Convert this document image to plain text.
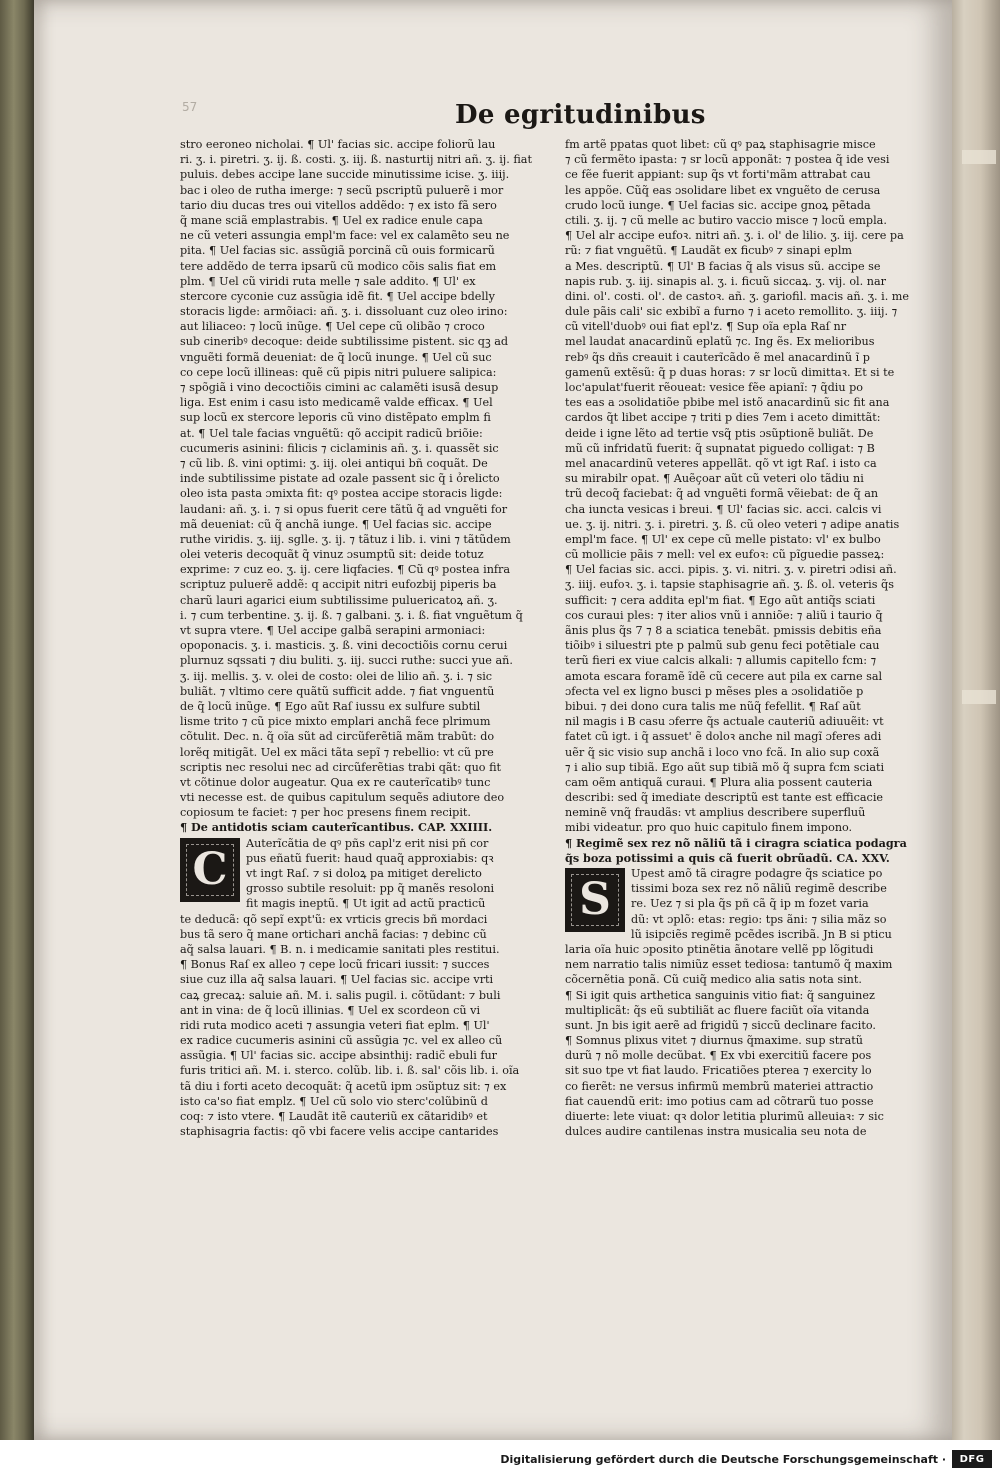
57	De egritudinibus
stro eeroneo nicholai. ¶ Ul' facias sic. accipe foliorũ lau
ri. ʒ. i. piretri. ʒ. ij. ß. costi. ʒ. iij. ß. nasturtij nitri añ. ʒ. ij. fiat
puluis. debes accipe lane succide minutissime icise. ʒ. iiij.
bac i oleo de rutha imerge: ⁊ secũ pscriptũ puluerẽ i mor
tario diu ducas tres oui vitellos addẽdo: ⁊ ex isto fã sero
q̃ mane sciã emplastrabis. ¶ Uel ex radice enule capa
ne cũ veteri assungia empl'm face: vel ex calamẽto seu ne
pita. ¶ Uel facias sic. assũgiã porcinã cũ ouis formicarũ
tere addẽdo de terra ipsarũ cũ modico cõis salis fiat em
plm. ¶ Uel cũ viridi ruta melle ⁊ sale addito. ¶ Ul' ex
stercore cyconie cuz assũgia idẽ fit. ¶ Uel accipe bdelly
storacis ligde: armõiaci: añ. ʒ. i. dissoluant cuz oleo irino:
aut liliaceo: ⁊ locũ inũge. ¶ Uel cepe cũ olibão ⁊ croco
sub cineribꝰ decoque: deide subtilissime pistent. sic qꝫ ad
vnguẽti formã deueniat: de q̃ locũ inunge. ¶ Uel cũ suc
co cepe locũ illineas: quẽ cũ pipis nitri puluere salipica:
⁊ spõgiã i vino decoctiõis cimini ac calamẽti isusã desup
liga. Est enim i casu isto medicamẽ valde efficax. ¶ Uel
sup locũ ex stercore leporis cũ vino distẽpato emplm fi
at. ¶ Uel tale facias vnguẽtũ: qõ accipit radicũ briõie:
cucumeris asinini: filicis ⁊ ciclaminis añ. ʒ. i. quassẽt sic
⁊ cũ lib. ß. vini optimi: ʒ. iij. olei antiqui bñ coquãt. De
inde subtilissime pistate ad ozale passent sic q̃ i ỏrelicto
oleo ista pasta ɔmixta fit: qꝰ postea accipe storacis ligde:
laudani: añ. ʒ. i. ⁊ si opus fuerit cere tãtũ q̃ ad vnguẽti for
mã deueniat: cũ q̃ anchã iunge. ¶ Uel facias sic. accipe
ruthe viridis. ʒ. iij. sglle. ʒ. ij. ⁊ tãtuz i lib. i. vini ⁊ tãtũdem
olei veteris decoquãt q̃ vinuz ɔsumptũ sit: deide totuz
exprime: ⁊ cuz eo. ʒ. ij. cere liqfacies. ¶ Cũ qꝰ postea infra
scriptuz puluerẽ addẽ: q accipit nitri eufozbij piperis ba
charũ lauri agarici eium subtilissime puluericatoꝝ añ. ʒ.
i. ⁊ cum terbentine. ʒ. ij. ß. ⁊ galbani. ʒ. i. ß. fiat vnguẽtum q̃
vt supra vtere. ¶ Uel accipe galbã serapini armoniaci:
opoponacis. ʒ. i. masticis. ʒ. ß. vini decoctiõis cornu cerui
plurnuz sqssati ⁊ diu buliti. ʒ. iij. succi ruthe: succi yue añ.
ʒ. iij. mellis. ʒ. v. olei de costo: olei de lilio añ. ʒ. i. ⁊ sic
buliãt. ⁊ vltimo cere quãtũ sufficit adde. ⁊ fiat vnguentũ
de q̃ locũ inũge. ¶ Ego aũt Raſ iussu ex sulfure subtil
lisme trito ⁊ cũ pice mixto emplari anchã fece plrimum
cõtulit. Dec. n. q̃ oĩa sũt ad circũferẽtiã mãm trabũt: do
lorẽq mitigãt. Uel ex mãci tãta sepĩ ⁊ rebellio: vt cũ pre
scriptis nec resolui nec ad circũferẽtias trabi qãt: quo fit
vt cõtinue dolor augeatur. Qua ex re cauterĩcatibꝰ tunc
vti necesse est. de quibus capitulum sequẽs adiutore deo
copiosum te faciet: ⁊ per hoc presens finem recipit.
¶ De antidotis sciam cauterĩcantibus. CAP. XXIIII.
C
Auterĩcãtia de qꝰ pñs capl'z erit nisi pñ cor
pus eñatũ fuerit: haud quaq̃ approxiabis: qꝛ
vt ingt Raſ. ⁊ si doloꝝ pa mitiget derelicto
grosso subtile resoluit: pp q̃ manẽs resoloni
fit magis ineptũ. ¶ Ut igit ad actũ practicũ
te deducã: qõ sepĩ expt'ũ: ex vrticis grecis bñ mordaci
bus tã sero q̃ mane ortichari anchã facias: ⁊ debinc cũ
aq̃ salsa lauari. ¶ B. n. i medicamie sanitati ples restitui.
¶ Bonus Raſ ex alleo ⁊ cepe locũ fricari iussit: ⁊ succes
siue cuz illa aq̃ salsa lauari. ¶ Uel facias sic. accipe vrti
caꝝ grecaꝝ: saluie añ. M. i. salis pugil. i. cõtũdant: ⁊ buli
ant in vina: de q̃ locũ illinias. ¶ Uel ex scordeon cũ vi
ridi ruta modico aceti ⁊ assungia veteri fiat eplm. ¶ Ul'
ex radice cucumeris asinini cũ assũgia ⁊c. vel ex alleo cũ
assũgia. ¶ Ul' facias sic. accipe absinthij: radic̃ ebuli fur
furis tritici añ. M. i. sterco. colũb. lib. i. ß. sal' cõis lib. i. oĩa
tã diu i forti aceto decoquãt: q̃ acetũ ipm ɔsũptuz sit: ⁊ ex
isto ca'so fiat emplz. ¶ Uel cũ solo vio sterc'colũbinũ d
coq: ⁊ isto vtere. ¶ Laudãt itẽ cauteriũ ex cãtaridibꝰ et
staphisagria factis: qõ vbi facere velis accipe cantarides
fm artẽ ppatas quot libet: cũ qꝰ paꝝ staphisagrie misce
⁊ cũ fermẽto ipasta: ⁊ sr locũ apponãt: ⁊ postea q̃ ide vesi
ce fẽe fuerit appiant: sup q̃s vt forti'mãm attrabat cau
les appõe. Cũq̃ eas ɔsolidare libet ex vnguẽto de cerusa
crudo locũ iunge. ¶ Uel facias sic. accipe gnoꝝ pẽtada
ctili. ʒ. ij. ⁊ cũ melle ac butiro vaccio misce ⁊ locũ empla.
¶ Uel alr accipe eufoꝛ. nitri añ. ʒ. i. ol' de lilio. ʒ. iij. cere pa
rũ: ⁊ fiat vnguẽtũ. ¶ Laudãt ex ficubꝰ ⁊ sinapi eplm
a Mes. descriptũ. ¶ Ul' B facias q̃ als visus sũ. accipe se
napis rub. ʒ. iij. sinapis al. ʒ. i. ficuũ siccaꝝ. ʒ. vij. ol. nar
dini. ol'. costi. ol'. de castoꝛ. añ. ʒ. gariofil. macis añ. ʒ. i. me
dule pãis cali' sic exbibĩ a furno ⁊ i aceto remollito. ʒ. iiij. ⁊
cũ vitell'duobꝰ oui fiat epl'z. ¶ Sup oĩa epla Raſ nr
mel laudat anacardinũ eplatũ ⁊c. Ing ẽs. Ex melioribus
rebꝰ q̃s dñs creauit i cauterĩcãdo ẽ mel anacardinũ ĩ p
gamenũ extẽsũ: q̃ p duas horas: ⁊ sr locũ dimittaꝛ. Et si te
loc'apulat'fuerit rẽoueat: vesice fẽe apianĩ: ⁊ q̃diu po
tes eas a ɔsolidatiõe pbibe mel istõ anacardinũ sic fit ana
cardos q̃t libet accipe ⁊ triti p dies 7em i aceto dimittãt:
deide i igne lẽto ad tertie vsq̃ ptis ɔsũptionẽ buliãt. De
mũ cũ infridatũ fuerit: q̃ supnatat piguedo colligat: ⁊ B
mel anacardinũ veteres appellãt. qõ vt igt Raſ. i isto ca
su mirabilr opat. ¶ Auẽçoar aũt cũ veteri olo tãdiu ni
trũ decoq̃ faciebat: q̃ ad vnguẽti formã vẽiebat: de q̃ an
cha iuncta vesicas i breui. ¶ Ul' facias sic. acci. calcis vi
ue. ʒ. ij. nitri. ʒ. i. piretri. ʒ. ß. cũ oleo veteri ⁊ adipe anatis
empl'm face. ¶ Ul' ex cepe cũ melle pistato: vl' ex bulbo
cũ mollicie pãis ⁊ mell: vel ex eufoꝛ: cũ pĩguedie passeꝝ:
¶ Uel facias sic. acci. pipis. ʒ. vi. nitri. ʒ. v. piretri ɔdisi añ.
ʒ. iiij. eufoꝛ. ʒ. i. tapsie staphisagrie añ. ʒ. ß. ol. veteris q̃s
sufficit: ⁊ cera addita epl'm fiat. ¶ Ego aũt antiq̃s sciati
cos curaui ples: ⁊ iter alios vnũ i anniõe: ⁊ aliũ i taurio q̃
ãnis plus q̃s 7 ⁊ 8 a sciatica tenebãt. pmissis debitis eña
tiõibꝰ i siluestri pte p palmũ sub genu feci potẽtiale cau
terũ fieri ex viue calcis alkali: ⁊ allumis capitello fcm: ⁊
amota escara foramẽ ĩdẽ cũ cecere aut pila ex carne sal
ɔfecta vel ex ligno busci p mẽses ples a ɔsolidatiõe p
bibui. ⁊ dei dono cura talis me nũq̃ fefellit. ¶ Raſ aũt
nil magis i B casu ɔferre q̃s actuale cauteriũ adiuuẽit: vt
fatet cũ igt. i q̃ assuet' ẽ doloꝛ anche nil magĩ ɔferes adi
uẽr q̃ sic visio sup anchã i loco vno fcã. In alio sup coxã
⁊ i alio sup tibiã. Ego aũt sup tibiã mõ q̃ supra fcm sciati
cam oẽm antiquã curaui. ¶ Plura alia possent cauteria
describi: sed q̃ imediate descriptũ est tante est efficacie
neminẽ vnq̃ fraudãs: vt amplius describere superfluũ
mibi videatur. pro quo huic capitulo finem impono.
¶ Regimẽ sex rez nõ nãliũ tã i ciragra sciatica podagra
q̃s boza potissimi a quis cã fuerit obrũadũ. CA. XXV.
S
Upest amõ tã ciragre podagre q̃s sciatice po
tissimi boza sex rez nõ nãliũ regimẽ describe
re. Uez ⁊ si pla q̃s pñ cã q̃ ip m fozet varia
dũ: vt ɔplõ: etas: regio: tps ãni: ⁊ silia mãz so
lũ isipciẽs regimẽ pcẽdes iscribã. Jn B si pticu
laria oĩa huic ɔposito ptinẽtia ãnotare vellẽ pp lõgitudi
nem narratio talis nimiũz esset tediosa: tantumõ q̃ maxim
cõcernẽtia ponã. Cũ cuiq̃ medico alia satis nota sint.
¶ Si igit quis arthetica sanguinis vitio fiat: q̃ sanguinez
multiplicãt: q̃s eũ subtiliãt ac fluere faciũt oĩa vitanda
sunt. Jn bis igit aerẽ ad frigidũ ⁊ siccũ declinare facito.
¶ Somnus plixus vitet ⁊ diurnus q̃maxime. sup stratũ
durũ ⁊ nõ molle decũbat. ¶ Ex vbi exercitiũ facere pos
sit suo tpe vt fiat laudo. Fricatiões pterea ⁊ exercity lo
co fierẽt: ne versus infirmũ membrũ materiei attractio
fiat cauendũ erit: imo potius cam ad cõtrarũ tuo posse
diuerte: lete viuat: qꝛ dolor letitia plurimũ alleuiaꝛ: ⁊ sic
dulces audire cantilenas instra musicalia seu nota de
Digitalisierung gefördert durch die Deutsche Forschungsgemeinschaft ·	DFG
